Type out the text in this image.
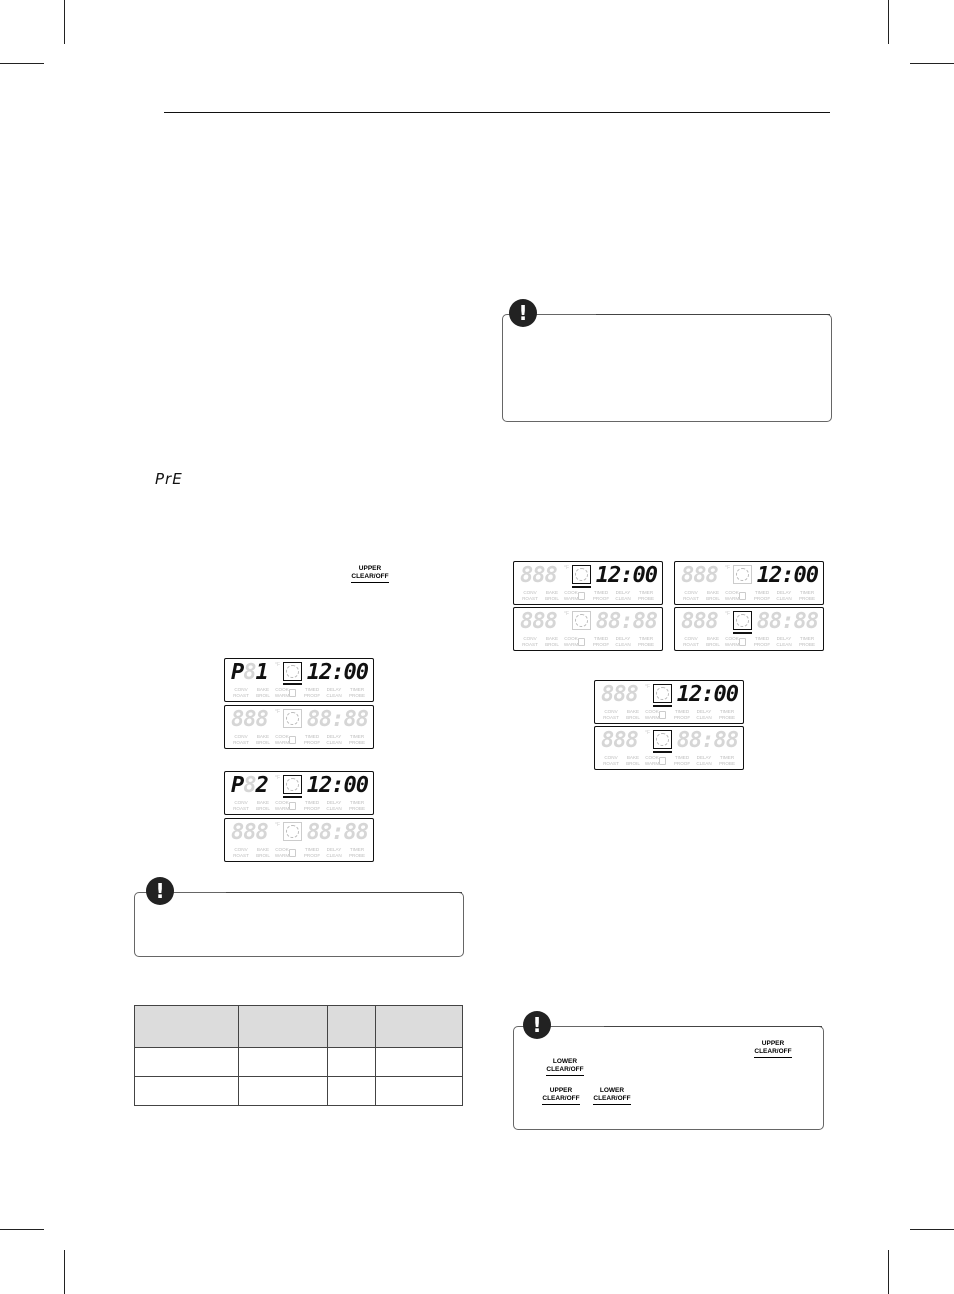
PrE
UPPER
CLEAR/OFF
P81 °F 12:00
CONV
ROAST
BAKE
BROIL
COOK
WARM
TIMED
PROOF
DELAY
CLEAN
TIMER
PROBE
888 °F 88:88
CONV
ROAST
BAKE
BROIL
COOK
WARM
TIMED
PROOF
DELAY
CLEAN
TIMER
PROBE
P82 °F 12:00
CONV
ROAST
BAKE
BROIL
COOK
WARM
TIMED
PROOF
DELAY
CLEAN
TIMER
PROBE
888 °F 88:88
CONV
ROAST
BAKE
BROIL
COOK
WARM
TIMED
PROOF
DELAY
CLEAN
TIMER
PROBE
!

!
888 °F 12:00
CONV
ROAST
BAKE
BROIL
COOK
WARM
TIMED
PROOF
DELAY
CLEAN
TIMER
PROBE
888 °F 88:88
CONV
ROAST
BAKE
BROIL
COOK
WARM
TIMED
PROOF
DELAY
CLEAN
TIMER
PROBE
888 °F 12:00
CONV
ROAST
BAKE
BROIL
COOK
WARM
TIMED
PROOF
DELAY
CLEAN
TIMER
PROBE
888 °F 88:88
CONV
ROAST
BAKE
BROIL
COOK
WARM
TIMED
PROOF
DELAY
CLEAN
TIMER
PROBE
888 °F 12:00
CONV
ROAST
BAKE
BROIL
COOK
WARM
TIMED
PROOF
DELAY
CLEAN
TIMER
PROBE
888 °F 88:88
CONV
ROAST
BAKE
BROIL
COOK
WARM
TIMED
PROOF
DELAY
CLEAN
TIMER
PROBE
!
UPPER
CLEAR/OFF
LOWER
CLEAR/OFF
UPPER
CLEAR/OFF
LOWER
CLEAR/OFF
